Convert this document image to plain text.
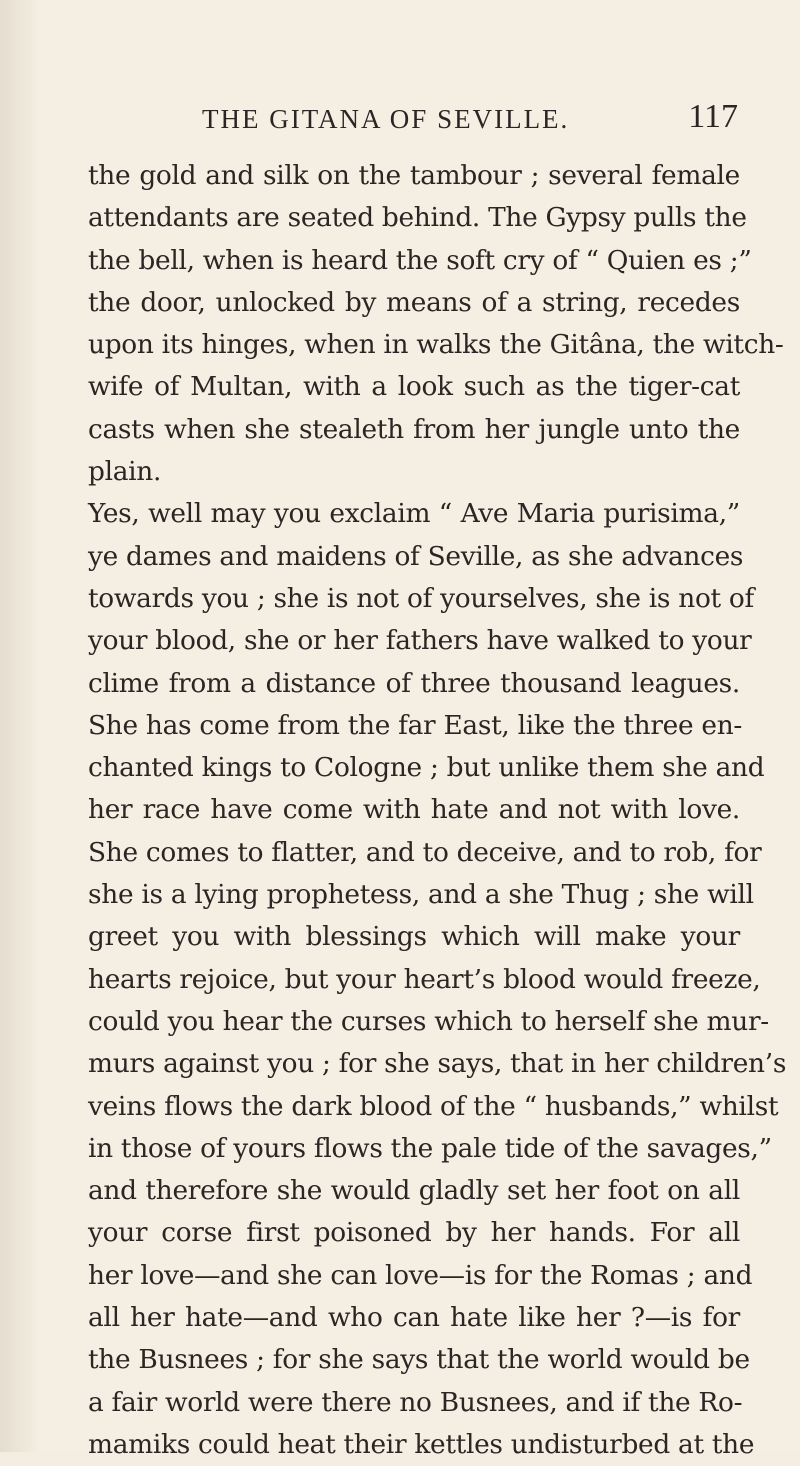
THE GITANA OF SEVILLE.	117
the gold and silk on the tambour ; several female
attendants are seated behind. The Gypsy pulls the
the bell, when is heard the soft cry of “ Quien es ;”
the door, unlocked by means of a string, recedes
upon its hinges, when in walks the Gitâna, the witch-
wife of Multan, with a look such as the tiger-cat
casts when she stealeth from her jungle unto the
plain.
Yes, well may you exclaim “ Ave Maria purisima,”
ye dames and maidens of Seville, as she advances
towards you ; she is not of yourselves, she is not of
your blood, she or her fathers have walked to your
clime from a distance of three thousand leagues.
She has come from the far East, like the three en-
chanted kings to Cologne ; but unlike them she and
her race have come with hate and not with love.
She comes to flatter, and to deceive, and to rob, for
she is a lying prophetess, and a she Thug ; she will
greet you with blessings which will make your
hearts rejoice, but your heart’s blood would freeze,
could you hear the curses which to herself she mur-
murs against you ; for she says, that in her children’s
veins flows the dark blood of the “ husbands,” whilst
in those of yours flows the pale tide of the savages,”
and therefore she would gladly set her foot on all
your corse first poisoned by her hands. For all
her love—and she can love—is for the Romas ; and
all her hate—and who can hate like her ?—is for
the Busnees ; for she says that the world would be
a fair world were there no Busnees, and if the Ro-
mamiks could heat their kettles undisturbed at the
